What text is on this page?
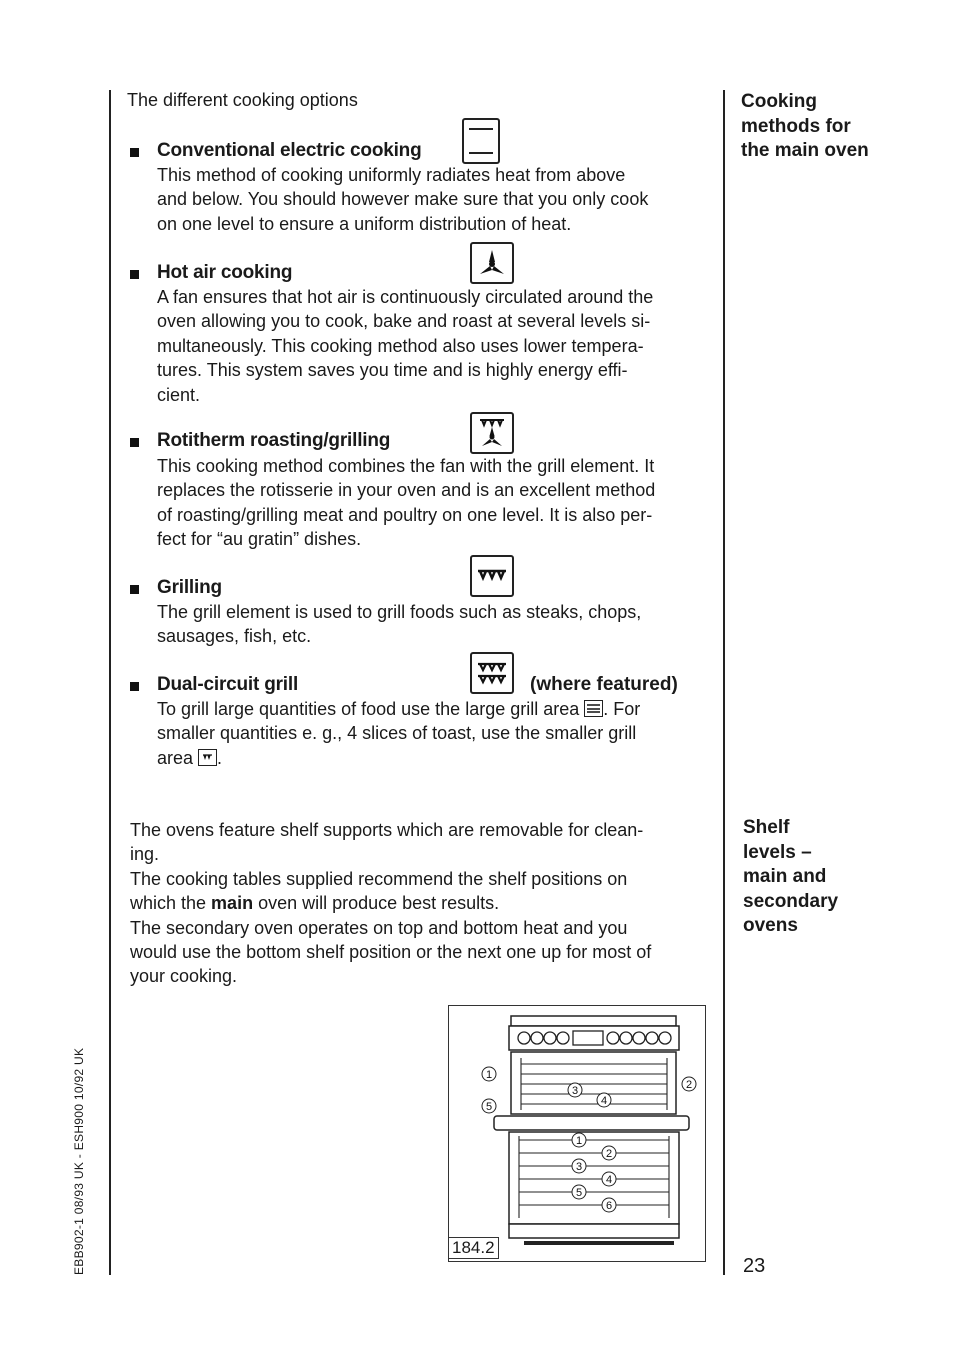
The different cooking options
Conventional electric cooking
This method of cooking uniformly radiates heat from above
and below. You should however make sure that you only cook
on one level to ensure a uniform distribution of heat.
Hot air cooking
A fan ensures that hot air is continuously circulated around the
oven allowing you to cook, bake and roast at several levels si-
multaneously. This cooking method also uses lower tempera-
tures. This system saves you time and is highly energy effi-
cient.
Rotitherm roasting/grilling
This cooking method combines the fan with the grill element. It
replaces the rotisserie in your oven and is an excellent method
of roasting/grilling meat and poultry on one level. It is also per-
fect for “au gratin” dishes.
Grilling
The grill element is used to grill foods such as steaks, chops,
sausages, fish, etc.
Dual-circuit grill	(where featured)
To grill large quantities of food use the large grill area . For
smaller quantities e. g., 4 slices of toast, use the smaller grill
area .
The ovens feature shelf supports which are removable for clean-
ing.
The cooking tables supplied recommend the shelf positions on
which the main oven will produce best results.
The secondary oven operates on top and bottom heat and you
would use the bottom shelf position or the next one up for most of
your cooking.
Cooking
methods for
the main oven
Shelf
levels –
main and
secondary
ovens
1
2
3
4
5
1
2
3
4
5
6
184.2
23
EBB902-1 08/93 UK - ESH900 10/92 UK
